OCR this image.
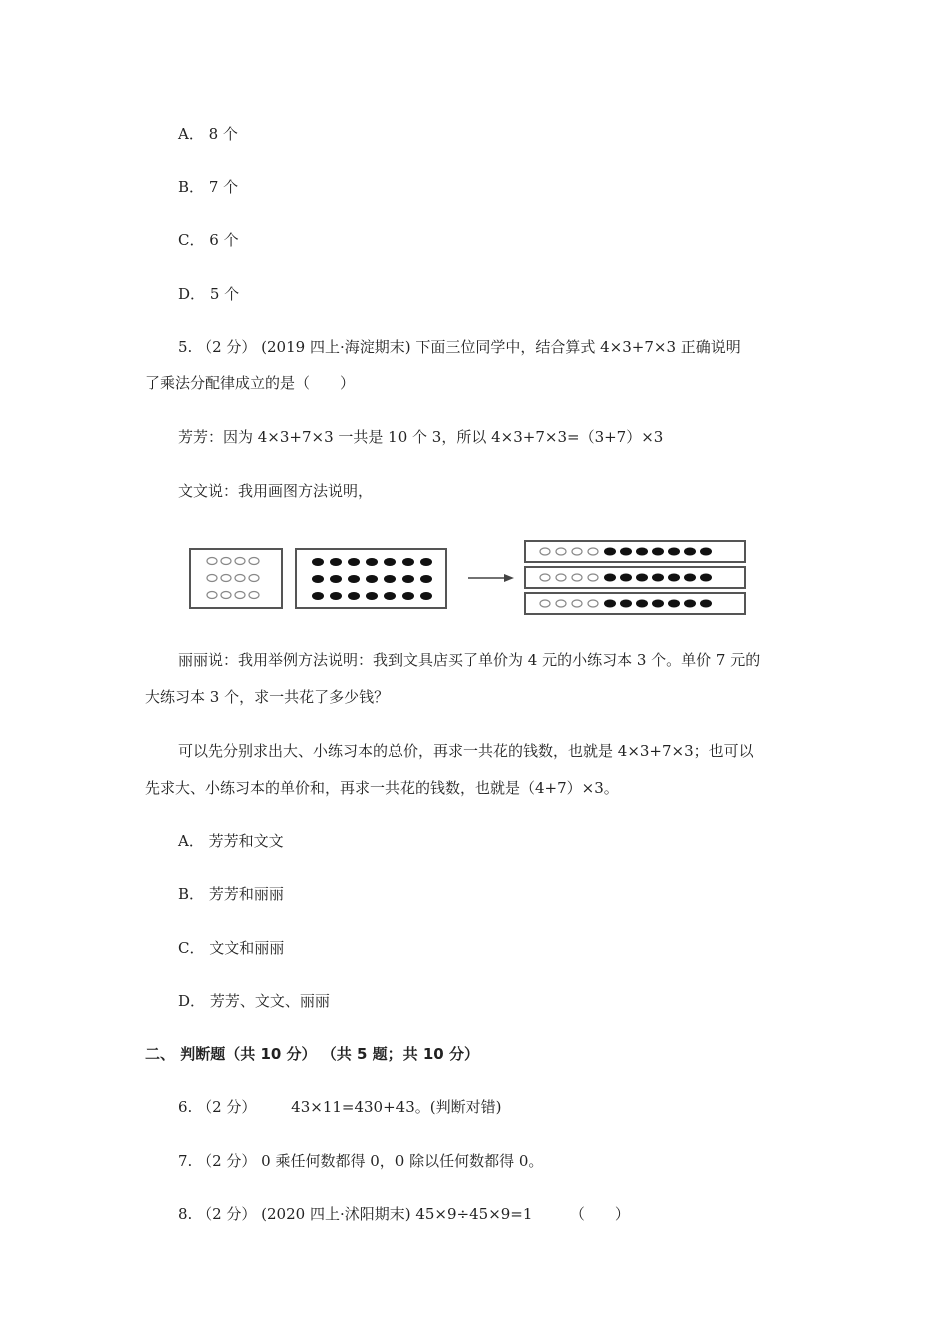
A． 8 个
B． 7 个
C． 6 个
D． 5 个
5. （2 分） (2019 四上·海淀期末) 下面三位同学中，结合算式 4×3+7×3 正确说明
了乘法分配律成立的是（　　）
芳芳：因为 4×3+7×3 一共是 10 个 3，所以 4×3+7×3=（3+7）×3
文文说：我用画图方法说明，
丽丽说：我用举例方法说明：我到文具店买了单价为 4 元的小练习本 3 个。单价 7 元的
大练习本 3 个，求一共花了多少钱？
可以先分别求出大、小练习本的总价，再求一共花的钱数，也就是 4×3+7×3；也可以
先求大、小练习本的单价和，再求一共花的钱数，也就是（4+7）×3。
A． 芳芳和文文
B． 芳芳和丽丽
C． 文文和丽丽
D． 芳芳、文文、丽丽
二、 判断题（共 10 分） （共 5 题；共 10 分）
6. （2 分） 　　43×11=430+43。(判断对错)
7. （2 分） 0 乘任何数都得 0，0 除以任何数都得 0。
8. （2 分） (2020 四上·沭阳期末) 45×9÷45×9=1　　　（　　）
